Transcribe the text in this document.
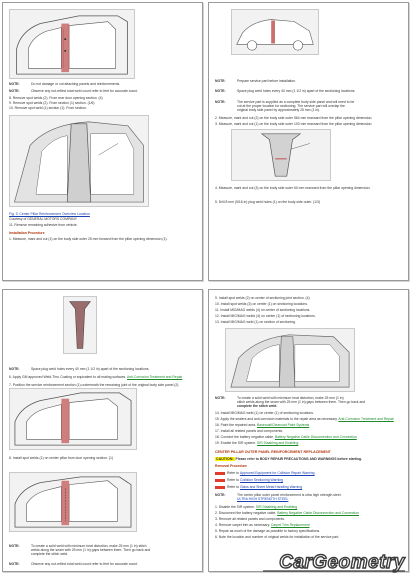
NOTE:	Do not damage or cut attaching panels and reinforcements.
NOTE:	Observe any not-reflect total weld count refer to feet for accurate count.
8. Remove spot welds (2). From rear door opening section. (4)
9. Remove spot welds (2). From section (1) section. (1/6)
10. Remove spot weld (1) section (1). From section.
Fig. 3: Center Pillar Reinforcement Overview Location
Courtesy of GENERAL MOTORS COMPANY
11. Remove remaining adhesive from vehicle.
Installation Procedure
1. Measure, mark and cut (1) on the body side outer 25 mm forward from the pillar opening dimension (1).
NOTE:	Prepare service part before installation.
NOTE:	Space plug weld holes every 40 mm (1 1/2 in) apart of the sectioning locations.
NOTE:	The service part is supplied as a complete body side panel and will need to be
cut at the proper location for sectioning. The service part will overlap the
original body side panel by approximately 25 mm (1 in).
2. Measure, mark and cut (2) on the body side outer 564 mm rearward from the pillar opening dimension.
3. Measure, mark and cut (1) on the body side outer 100 mm rearward from the pillar opening dimension.
4. Measure, mark and cut (3) on the body side outer 60 mm rearward from the pillar opening dimension.
5. Drill 8 mm (5/16 in) plug weld holes (1) on the body side outer. (1/3)
NOTE:	Space plug weld holes every 40 mm (1 1/2 in) apart of the sectioning locations.
6. Apply GM approved Weld-Thru Coating or equivalent to all mating surfaces. Anti-Corrosion Treatment and Repair
7. Position the service reinforcement section (1) underneath the remaining joint of the original body side panel (2).
8. Install spot welds (1) on center pillar from door opening section. (1)
NOTE:	To create a solid weld with minimum heat distortion, make 25 mm (1 in) stitch
welds along the seam with 25 mm (1 in) gaps between them. Then go back and
complete the stitch weld.
NOTE:	Observe any not-reflect total weld count refer to feet for accurate count.
9. Install spot welds (2) on center of sectioning joint section. (4)
10. Install spot welds (3) on center (1) on sectioning locations.
11. Install MIG/MAG welds (4) on center of sectioning locations.
12. Install MIG/MAG welds (4) on center (1) of sectioning locations.
13. Install MIG/MAG weld (1) on section of sectioning.
NOTE:	To create a solid weld with minimum heat distortion, make 25 mm (1 in)
stitch welds along the seam with 25 mm (1 in) gaps between them. Then go back and
complete the stitch weld.
14. Install MIG/MAG weld (1) on center (1) of sectioning locations.
15. Apply the sealers and anti-corrosion materials to the repair area as necessary. Anti-Corrosion Treatment and Repair
16. Paint the repaired area. Basecoat/Clearcoat Paint Systems
17. Install all related panels and components.
18. Connect the battery negative cable. Battery Negative Cable Disconnection and Connection
19. Enable the SIR system. SIR Disabling and Enabling
CENTER PILLAR OUTER PANEL REINFORCEMENT REPLACEMENT
CAUTION: Please refer to BODY REPAIR PRECAUTIONS AND WARNINGS before starting.
Removal Procedure
Refer to Approved Equipment for Collision Repair Warning
Refer to Collision Sectioning Warning
Refer to Glass and Sheet Metal Handling Warning
NOTE:	The center pillar outer panel reinforcement is ultra high strength steel.
ULTRA HIGH STRENGTH STEEL
1. Disable the SIR system. SIR Disabling and Enabling
2. Disconnect the battery negative cable. Battery Negative Cable Disconnection and Connection
3. Remove all related panels and components.
4. Remove carpet trim as necessary. Carpet Trim Replacement
5. Repair as much of the damage as possible to factory specifications.
6. Note the location and number of original welds for installation of the service part.
CarGeometry
